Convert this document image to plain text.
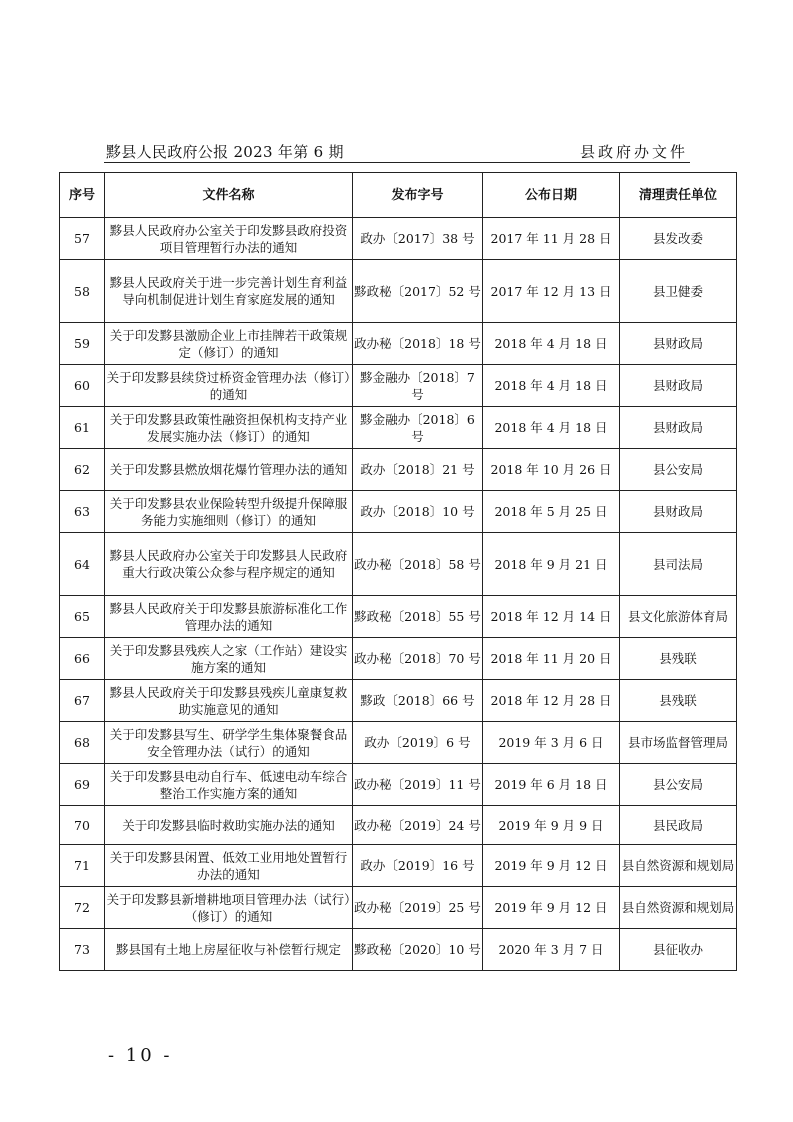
黟县人民政府公报 2023 年第 6 期	县政府办文件
序号	文件名称	发布字号	公布日期	清理责任单位
57	黟县人民政府办公室关于印发黟县政府投资项目管理暂行办法的通知	政办〔2017〕38 号	2017 年 11 月 28 日	县发改委
58	黟县人民政府关于进一步完善计划生育利益导向机制促进计划生育家庭发展的通知	黟政秘〔2017〕52 号	2017 年 12 月 13 日	县卫健委
59	关于印发黟县激励企业上市挂牌若干政策规定（修订）的通知	政办秘〔2018〕18 号	2018 年 4 月 18 日	县财政局
60	关于印发黟县续贷过桥资金管理办法（修订）的通知	黟金融办〔2018〕7 号	2018 年 4 月 18 日	县财政局
61	关于印发黟县政策性融资担保机构支持产业发展实施办法（修订）的通知	黟金融办〔2018〕6 号	2018 年 4 月 18 日	县财政局
62	关于印发黟县燃放烟花爆竹管理办法的通知	政办〔2018〕21 号	2018 年 10 月 26 日	县公安局
63	关于印发黟县农业保险转型升级提升保障服务能力实施细则（修订）的通知	政办〔2018〕10 号	2018 年 5 月 25 日	县财政局
64	黟县人民政府办公室关于印发黟县人民政府重大行政决策公众参与程序规定的通知	政办秘〔2018〕58 号	2018 年 9 月 21 日	县司法局
65	黟县人民政府关于印发黟县旅游标准化工作管理办法的通知	黟政秘〔2018〕55 号	2018 年 12 月 14 日	县文化旅游体育局
66	关于印发黟县残疾人之家（工作站）建设实施方案的通知	政办秘〔2018〕70 号	2018 年 11 月 20 日	县残联
67	黟县人民政府关于印发黟县残疾儿童康复救助实施意见的通知	黟政〔2018〕66 号	2018 年 12 月 28 日	县残联
68	关于印发黟县写生、研学学生集体聚餐食品安全管理办法（试行）的通知	政办〔2019〕6 号	2019 年 3 月 6 日	县市场监督管理局
69	关于印发黟县电动自行车、低速电动车综合整治工作实施方案的通知	政办秘〔2019〕11 号	2019 年 6 月 18 日	县公安局
70	关于印发黟县临时救助实施办法的通知	政办秘〔2019〕24 号	2019 年 9 月 9 日	县民政局
71	关于印发黟县闲置、低效工业用地处置暂行办法的通知	政办〔2019〕16 号	2019 年 9 月 12 日	县自然资源和规划局
72	关于印发黟县新增耕地项目管理办法（试行）（修订）的通知	政办秘〔2019〕25 号	2019 年 9 月 12 日	县自然资源和规划局
73	黟县国有土地上房屋征收与补偿暂行规定	黟政秘〔2020〕10 号	2020 年 3 月 7 日	县征收办
- 10 -
